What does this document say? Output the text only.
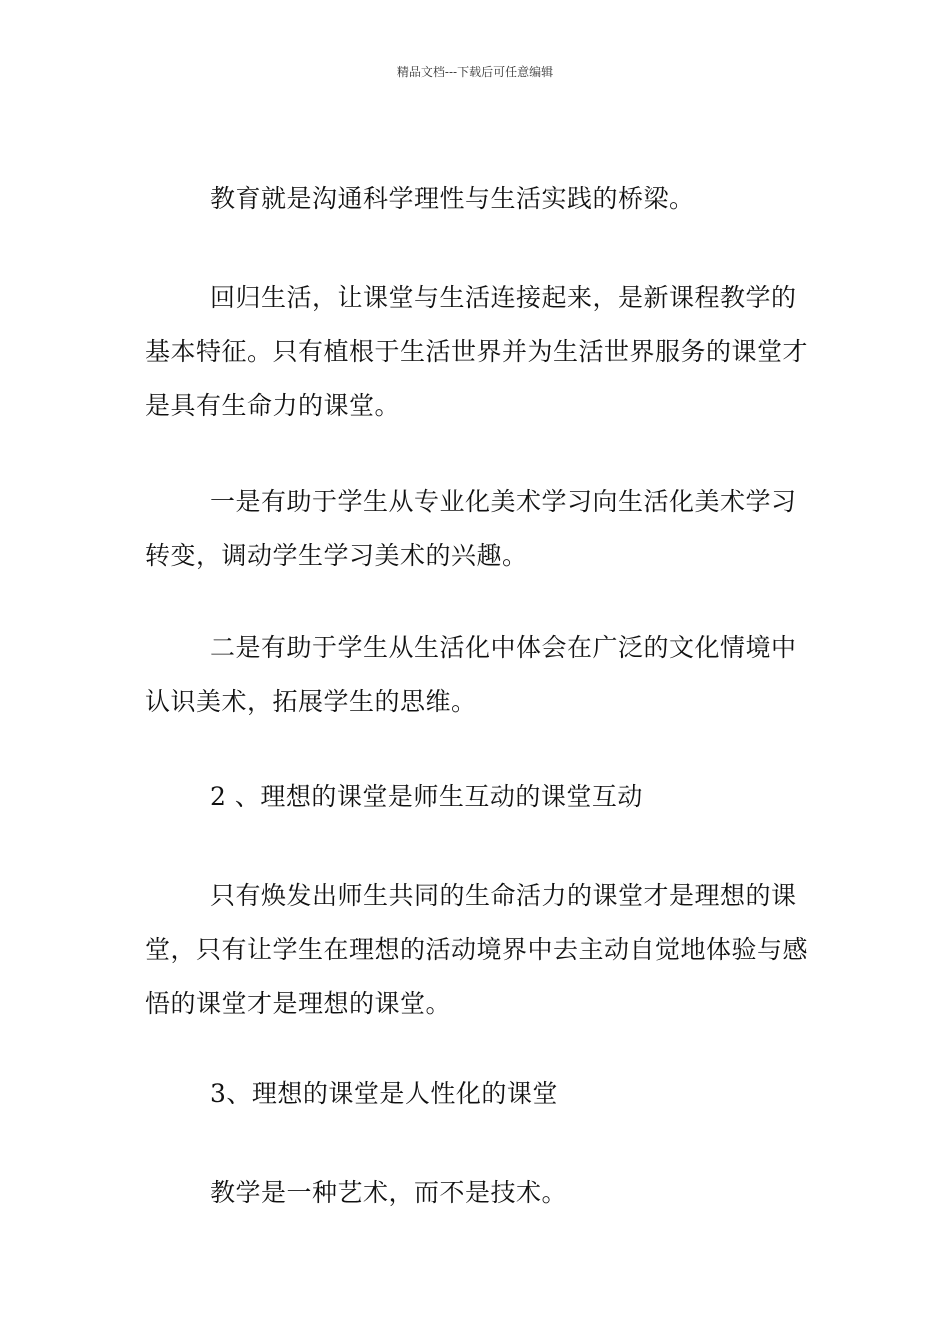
精品文档---下载后可任意编辑

教育就是沟通科学理性与生活实践的桥梁。

回归生活，让课堂与生活连接起来，是新课程教学的基本特征。只有植根于生活世界并为生活世界服务的课堂才是具有生命力的课堂。

一是有助于学生从专业化美术学习向生活化美术学习转变，调动学生学习美术的兴趣。

二是有助于学生从生活化中体会在广泛的文化情境中认识美术，拓展学生的思维。

2 、理想的课堂是师生互动的课堂互动

只有焕发出师生共同的生命活力的课堂才是理想的课堂，只有让学生在理想的活动境界中去主动自觉地体验与感悟的课堂才是理想的课堂。

3、理想的课堂是人性化的课堂

教学是一种艺术，而不是技术。
